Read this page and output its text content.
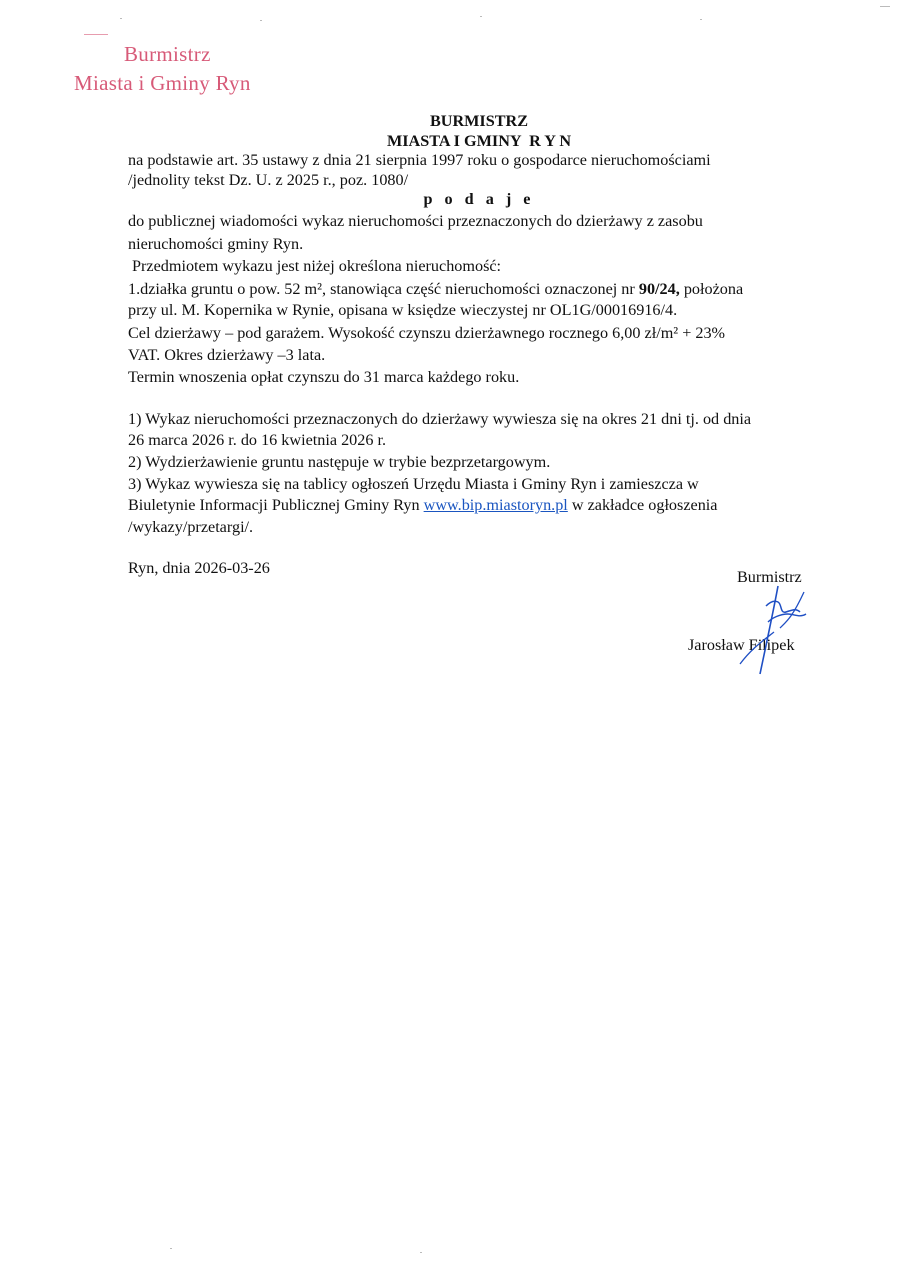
Burmistrz
Miasta i Gminy Ryn
BURMISTRZ
MIASTA I GMINY  R Y N
na podstawie art. 35 ustawy z dnia 21 sierpnia 1997 roku o gospodarce nieruchomościami
/jednolity tekst Dz. U. z 2025 r., poz. 1080/
p o d a j e
do publicznej wiadomości wykaz nieruchomości przeznaczonych do dzierżawy z zasobu
nieruchomości gminy Ryn.
Przedmiotem wykazu jest niżej określona nieruchomość:
1.działka gruntu o pow. 52 m², stanowiąca część nieruchomości oznaczonej nr 90/24, położona
przy ul. M. Kopernika w Rynie, opisana w księdze wieczystej nr OL1G/00016916/4.
Cel dzierżawy – pod garażem. Wysokość czynszu dzierżawnego rocznego 6,00 zł/m² + 23%
VAT. Okres dzierżawy –3 lata.
Termin wnoszenia opłat czynszu do 31 marca każdego roku.
1) Wykaz nieruchomości przeznaczonych do dzierżawy wywiesza się na okres 21 dni tj. od dnia
26 marca 2026 r. do 16 kwietnia 2026 r.
2) Wydzierżawienie gruntu następuje w trybie bezprzetargowym.
3) Wykaz wywiesza się na tablicy ogłoszeń Urzędu Miasta i Gminy Ryn i zamieszcza w
Biuletynie Informacji Publicznej Gminy Ryn www.bip.miastoryn.pl w zakładce ogłoszenia
/wykazy/przetargi/.
Ryn, dnia 2026-03-26	Burmistrz
Jarosław Filipek
